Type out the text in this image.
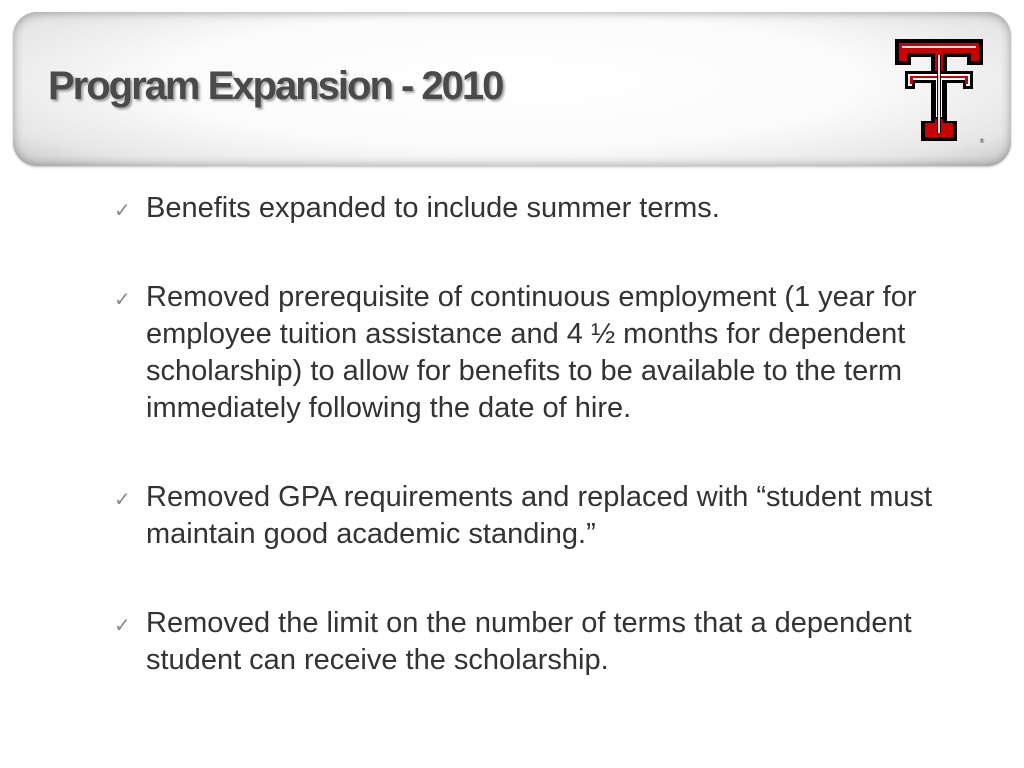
Program Expansion - 2010
®
✓ Benefits expanded to include summer terms.
✓ Removed prerequisite of continuous employment (1 year for employee tuition assistance and 4 ½ months for dependent scholarship) to allow for benefits to be available to the term immediately following the date of hire.
✓ Removed GPA requirements and replaced with “student must maintain good academic standing.”
✓ Removed the limit on the number of terms that a dependent student can receive the scholarship.
